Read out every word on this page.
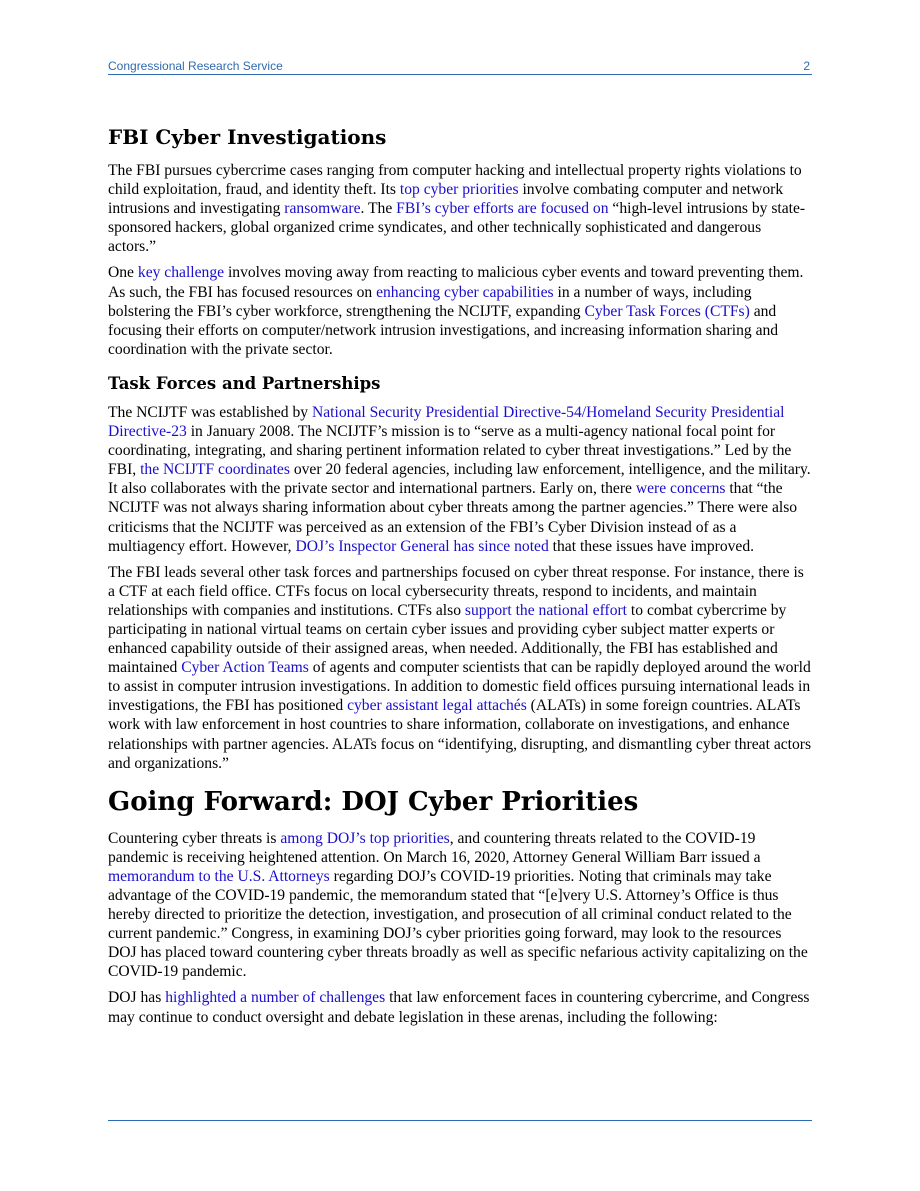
Congressional Research Service	2
FBI Cyber Investigations

The FBI pursues cybercrime cases ranging from computer hacking and intellectual property rights violations to child exploitation, fraud, and identity theft. Its top cyber priorities involve combating computer and network intrusions and investigating ransomware. The FBI’s cyber efforts are focused on “high-level intrusions by state-sponsored hackers, global organized crime syndicates, and other technically sophisticated and dangerous actors.”

One key challenge involves moving away from reacting to malicious cyber events and toward preventing them. As such, the FBI has focused resources on enhancing cyber capabilities in a number of ways, including bolstering the FBI’s cyber workforce, strengthening the NCIJTF, expanding Cyber Task Forces (CTFs) and focusing their efforts on computer/network intrusion investigations, and increasing information sharing and coordination with the private sector.

Task Forces and Partnerships

The NCIJTF was established by National Security Presidential Directive-54/Homeland Security Presidential Directive-23 in January 2008. The NCIJTF’s mission is to “serve as a multi-agency national focal point for coordinating, integrating, and sharing pertinent information related to cyber threat investigations.” Led by the FBI, the NCIJTF coordinates over 20 federal agencies, including law enforcement, intelligence, and the military. It also collaborates with the private sector and international partners. Early on, there were concerns that “the NCIJTF was not always sharing information about cyber threats among the partner agencies.” There were also criticisms that the NCIJTF was perceived as an extension of the FBI’s Cyber Division instead of as a multiagency effort. However, DOJ’s Inspector General has since noted that these issues have improved.

The FBI leads several other task forces and partnerships focused on cyber threat response. For instance, there is a CTF at each field office. CTFs focus on local cybersecurity threats, respond to incidents, and maintain relationships with companies and institutions. CTFs also support the national effort to combat cybercrime by participating in national virtual teams on certain cyber issues and providing cyber subject matter experts or enhanced capability outside of their assigned areas, when needed. Additionally, the FBI has established and maintained Cyber Action Teams of agents and computer scientists that can be rapidly deployed around the world to assist in computer intrusion investigations. In addition to domestic field offices pursuing international leads in investigations, the FBI has positioned cyber assistant legal attachés (ALATs) in some foreign countries. ALATs work with law enforcement in host countries to share information, collaborate on investigations, and enhance relationships with partner agencies. ALATs focus on “identifying, disrupting, and dismantling cyber threat actors and organizations.”

Going Forward: DOJ Cyber Priorities

Countering cyber threats is among DOJ’s top priorities, and countering threats related to the COVID-19 pandemic is receiving heightened attention. On March 16, 2020, Attorney General William Barr issued a memorandum to the U.S. Attorneys regarding DOJ’s COVID-19 priorities. Noting that criminals may take advantage of the COVID-19 pandemic, the memorandum stated that “[e]very U.S. Attorney’s Office is thus hereby directed to prioritize the detection, investigation, and prosecution of all criminal conduct related to the current pandemic.” Congress, in examining DOJ’s cyber priorities going forward, may look to the resources DOJ has placed toward countering cyber threats broadly as well as specific nefarious activity capitalizing on the COVID-19 pandemic.

DOJ has highlighted a number of challenges that law enforcement faces in countering cybercrime, and Congress may continue to conduct oversight and debate legislation in these arenas, including the following:
